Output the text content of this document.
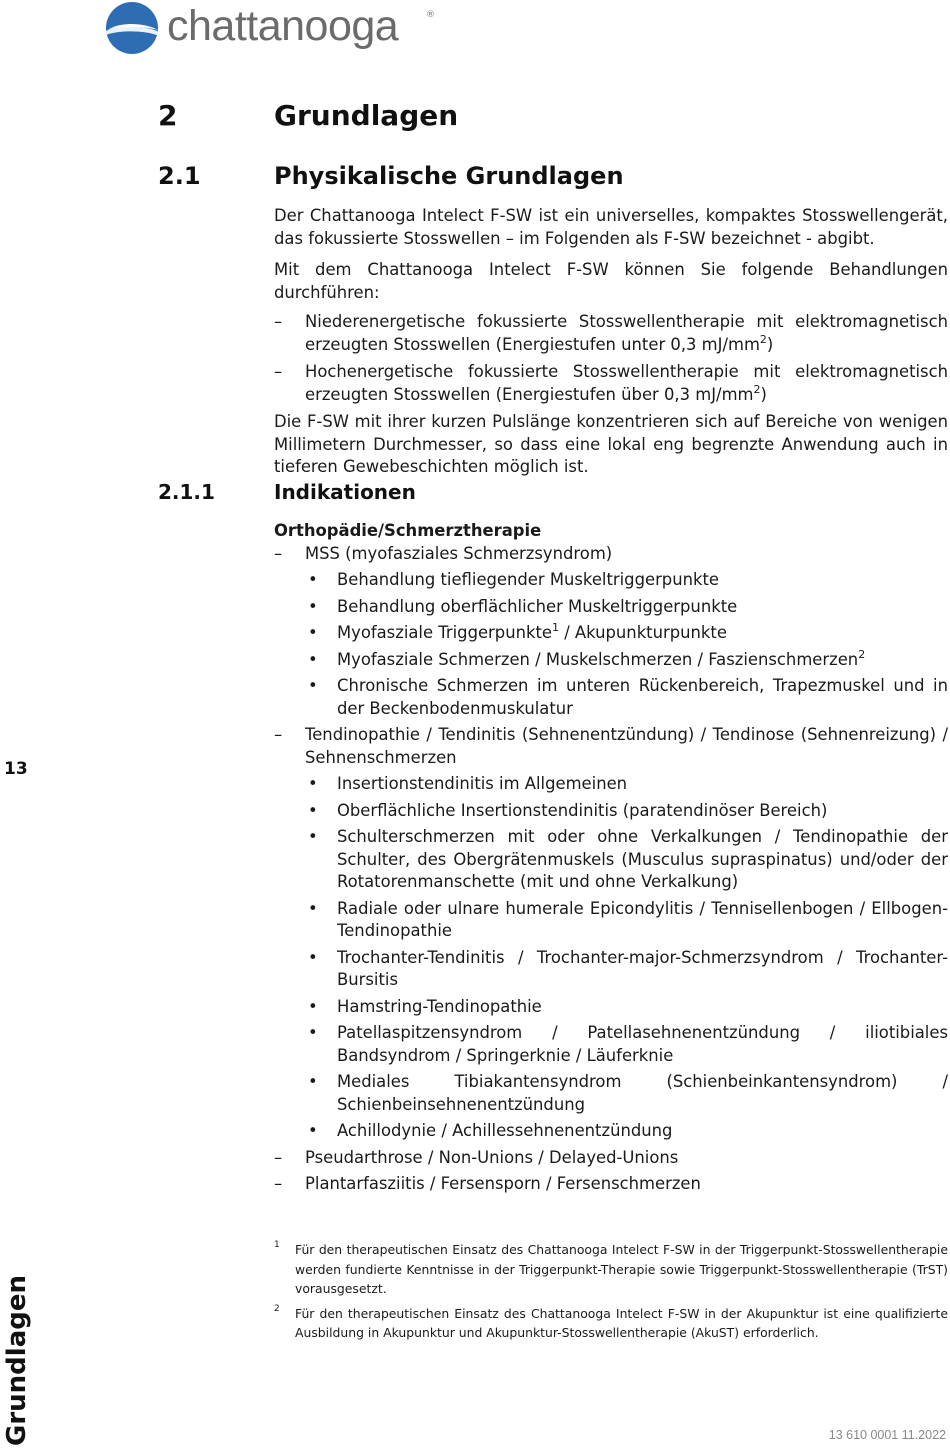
chattanooga	®
2	Grundlagen
2.1	Physikalische Grundlagen

Der Chattanooga Intelect F-SW ist ein universelles, kompaktes Stosswellengerät, das fokussierte Stosswellen – im Folgenden als F-SW bezeichnet - abgibt.

Mit dem Chattanooga Intelect F-SW können Sie folgende Behandlungen durchführen:

– Niederenergetische fokussierte Stosswellentherapie mit elektromagnetisch erzeugten Stosswellen (Energiestufen unter 0,3 $mJ/mm^2$)
– Hochenergetische fokussierte Stosswellentherapie mit elektromagnetisch erzeugten Stosswellen (Energiestufen über 0,3 $mJ/mm^2$)

Die F-SW mit ihrer kurzen Pulslänge konzentrieren sich auf Bereiche von wenigen Millimetern Durchmesser, so dass eine lokal eng begrenzte Anwendung auch in tieferen Gewebeschichten möglich ist.

2.1.1	Indikationen

Orthopädie/Schmerztherapie

– MSS (myofasziales Schmerzsyndrom)
• Behandlung tiefliegender Muskeltriggerpunkte
• Behandlung oberflächlicher Muskeltriggerpunkte
• Myofasziale Triggerpunkte$^1$ / Akupunkturpunkte
• Myofasziale Schmerzen / Muskelschmerzen / Faszienschmerzen$^2$
• Chronische Schmerzen im unteren Rückenbereich, Trapezmuskel und in der Beckenbodenmuskulatur
– Tendinopathie / Tendinitis (Sehnenentzündung) / Tendinose (Sehnenreizung) / Sehnenschmerzen
• Insertionstendinitis im Allgemeinen
• Oberflächliche Insertionstendinitis (paratendinöser Bereich)
• Schulterschmerzen mit oder ohne Verkalkungen / Tendinopathie der Schulter, des Obergrätenmuskels (Musculus supraspinatus) und/oder der Rotatorenmanschette (mit und ohne Verkalkung)
• Radiale oder ulnare humerale Epicondylitis / Tennisellenbogen / Ellbogen-Tendinopathie
• Trochanter-Tendinitis / Trochanter-major-Schmerzsyndrom / Trochanter-Bursitis
• Hamstring-Tendinopathie
• Patellaspitzensyndrom / Patellasehnenentzündung / iliotibiales Bandsyndrom / Springerknie / Läuferknie
• Mediales Tibiakantensyndrom (Schienbeinkantensyndrom) / Schienbeinsehnenentzündung
• Achillodynie / Achillessehnenentzündung
– Pseudarthrose / Non-Unions / Delayed-Unions
– Plantarfasziitis / Fersensporn / Fersenschmerzen
1 Für den therapeutischen Einsatz des Chattanooga Intelect F-SW in der Triggerpunkt-Stosswellentherapie werden fundierte Kenntnisse in der Triggerpunkt-Therapie sowie Triggerpunkt-Stosswellentherapie (TrST) vorausgesetzt.
2 Für den therapeutischen Einsatz des Chattanooga Intelect F-SW in der Akupunktur ist eine qualifizierte Ausbildung in Akupunktur und Akupunktur-Stosswellentherapie (AkuST) erforderlich.
13
Grundlagen	13 610 0001 11.2022
